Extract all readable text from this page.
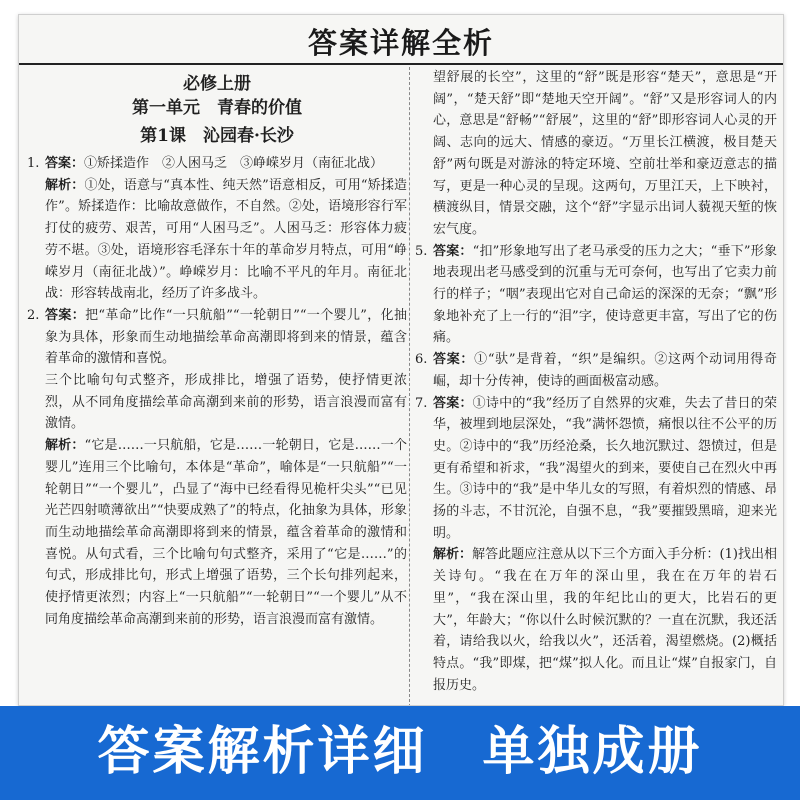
答案详解全析
必修上册
第一单元　青春的价值
第1课　沁园春·长沙
1. 答案：①矫揉造作　②人困马乏　③峥嵘岁月（南征北战）

解析：①处，语意与“真本性、纯天然”语意相反，可用“矫揉造作”。矫揉造作：比喻故意做作，不自然。②处，语境形容行军打仗的疲劳、艰苦，可用“人困马乏”。人困马乏：形容体力疲劳不堪。③处，语境形容毛泽东十年的革命岁月特点，可用“峥嵘岁月（南征北战）”。峥嵘岁月：比喻不平凡的年月。南征北战：形容转战南北，经历了许多战斗。

2. 答案：把“革命”比作“一只航船”“一轮朝日”“一个婴儿”，化抽象为具体，形象而生动地描绘革命高潮即将到来的情景，蕴含着革命的激情和喜悦。

三个比喻句句式整齐，形成排比，增强了语势，使抒情更浓烈，从不同角度描绘革命高潮到来前的形势，语言浪漫而富有激情。

解析：“它是……一只航船，它是……一轮朝日，它是……一个婴儿”连用三个比喻句，本体是“革命”，喻体是“一只航船”“一轮朝日”“一个婴儿”，凸显了“海中已经看得见桅杆尖头”“已见光芒四射喷薄欲出”“快要成熟了”的特点，化抽象为具体，形象而生动地描绘革命高潮即将到来的情景，蕴含着革命的激情和喜悦。从句式看，三个比喻句句式整齐，采用了“它是……”的句式，形成排比句，形式上增强了语势，三个长句排列起来，使抒情更浓烈；内容上“一只航船”“一轮朝日”“一个婴儿”从不同角度描绘革命高潮到来前的形势，语言浪漫而富有激情。

望舒展的长空”，这里的“舒”既是形容“楚天”，意思是“开阔”，“楚天舒”即“楚地天空开阔”。“舒”又是形容词人的内心，意思是“舒畅”“舒展”，这里的“舒”即形容词人心灵的开阔、志向的远大、情感的豪迈。“万里长江横渡，极目楚天舒”两句既是对游泳的特定环境、空前壮举和豪迈意志的描写，更是一种心灵的呈现。这两句，万里江天，上下映衬，横渡纵目，情景交融，这个“舒”字显示出词人藐视天堑的恢宏气度。

5. 答案：“扣”形象地写出了老马承受的压力之大；“垂下”形象地表现出老马感受到的沉重与无可奈何，也写出了它卖力前行的样子；“咽”表现出它对自己命运的深深的无奈；“飘”形象地补充了上一行的“泪”字，使诗意更丰富，写出了它的伤痛。

6. 答案：①“驮”是背着，“织”是编织。②这两个动词用得奇崛，却十分传神，使诗的画面极富动感。

7. 答案：①诗中的“我”经历了自然界的灾难，失去了昔日的荣华，被埋到地层深处，“我”满怀怨愤，痛恨以往不公平的历史。②诗中的“我”历经沧桑，长久地沉默过、怨愤过，但是更有希望和祈求，“我”渴望火的到来，要使自己在烈火中再生。③诗中的“我”是中华儿女的写照，有着炽烈的情感、昂扬的斗志，不甘沉沦，自强不息，“我”要摧毁黑暗，迎来光明。

解析：解答此题应注意从以下三个方面入手分析：(1)找出相关诗句。“我在在万年的深山里，我在在万年的岩石里”，“我在深山里，我的年纪比山的更大，比岩石的更大”，年龄大；“你以什么时候沉默的？一直在沉默，我还活着，请给我以火，给我以火”，还活着，渴望燃烧。(2)概括特点。“我”即煤，把“煤”拟人化。而且让“煤”自报家门，自报历史。

答案解析详细　单独成册
